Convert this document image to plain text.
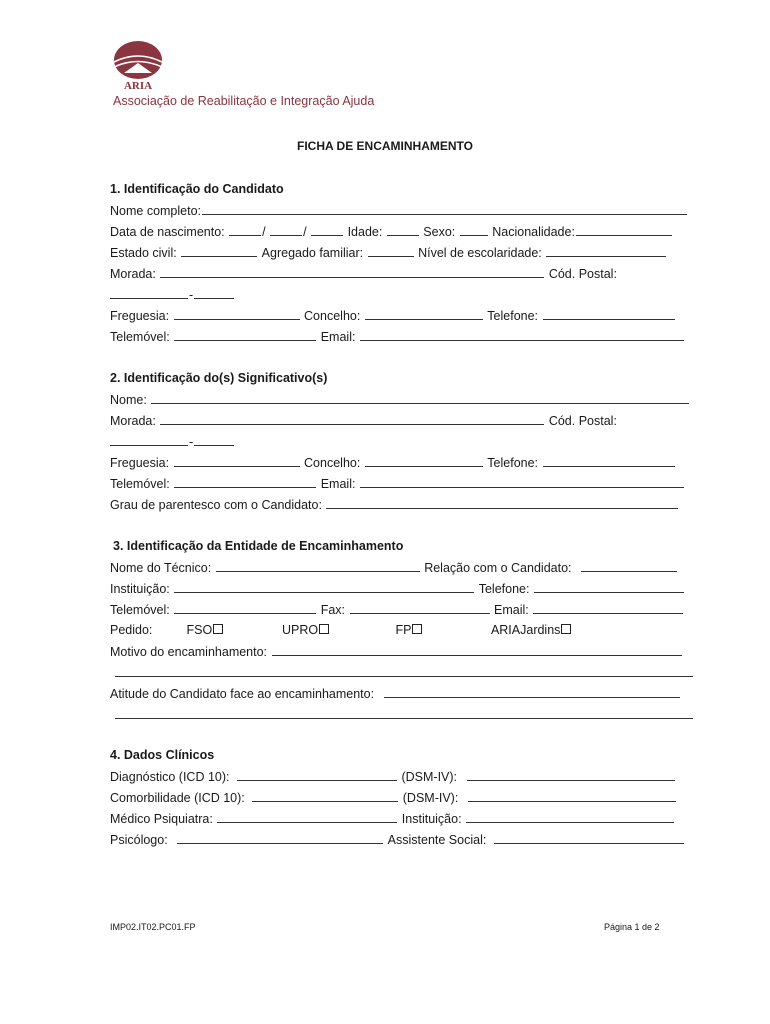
ARIA
Associação de Reabilitação e Integração Ajuda
FICHA DE ENCAMINHAMENTO
1. Identificação do Candidato
Nome completo:
Data de nascimento:	/	/	Idade:	Sexo:	Nacionalidade:
Estado civil:	Agregado familiar:	Nível de escolaridade:
Morada:	Cód. Postal:
-
Freguesia:	Concelho:	Telefone:
Telemóvel:	Email:
2. Identificação do(s) Significativo(s)
Nome:
Morada:	Cód. Postal:
-
Freguesia:	Concelho:	Telefone:
Telemóvel:	Email:
Grau de parentesco com o Candidato:
3. Identificação da Entidade de Encaminhamento
Nome do Técnico:	Relação com o Candidato:
Instituição:	Telefone:
Telemóvel:	Fax:	Email:
Pedido:	FSO	UPRO	FP	ARIAJardins
Motivo do encaminhamento:
Atitude do Candidato face ao encaminhamento:
4. Dados Clínicos
Diagnóstico (ICD 10):	(DSM-IV):
Comorbilidade (ICD 10):	(DSM-IV):
Médico Psiquiatra:	Instituição:
Psicólogo:	Assistente Social:
IMP02.IT02.PC01.FP	Página 1 de 2
